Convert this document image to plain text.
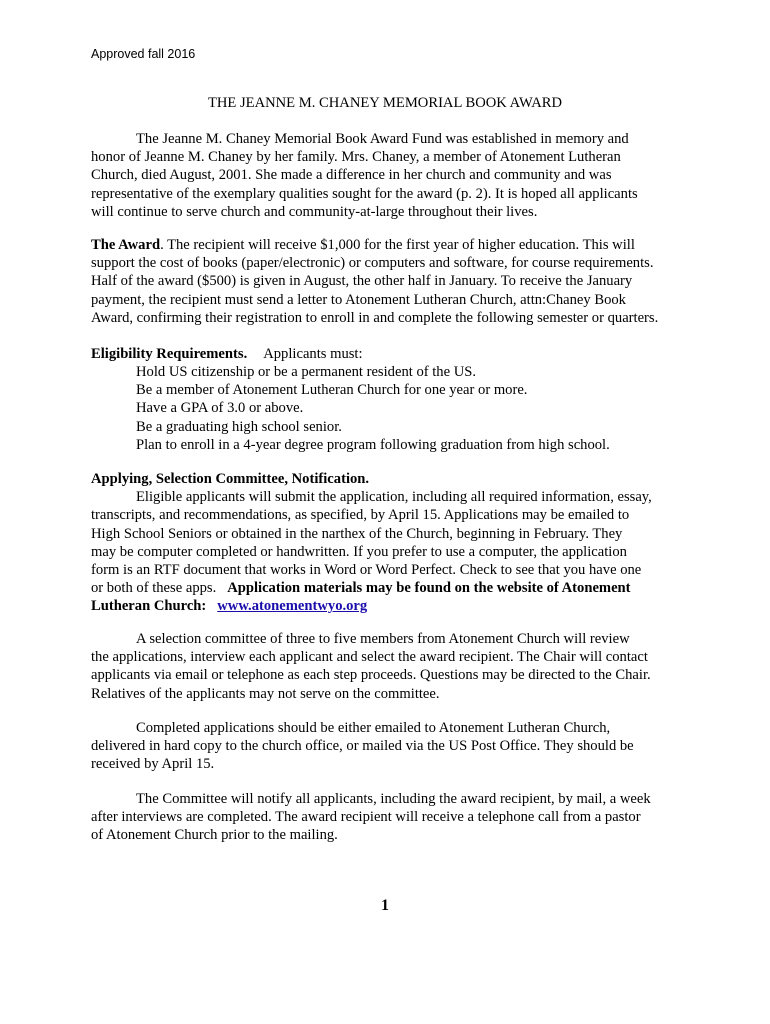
Approved fall 2016
THE JEANNE M. CHANEY MEMORIAL BOOK AWARD

The Jeanne M. Chaney Memorial Book Award Fund was established in memory and

honor of Jeanne M. Chaney by her family. Mrs. Chaney, a member of Atonement Lutheran

Church, died August, 2001. She made a difference in her church and community and was

representative of the exemplary qualities sought for the award (p. 2). It is hoped all applicants

will continue to serve church and community-at-large throughout their lives.

The Award. The recipient will receive $1,000 for the first year of higher education. This will

support the cost of books (paper/electronic) or computers and software, for course requirements.

Half of the award ($500) is given in August, the other half in January. To receive the January

payment, the recipient must send a letter to Atonement Lutheran Church, attn:Chaney Book

Award, confirming their registration to enroll in and complete the following semester or quarters.

Eligibility Requirements. Applicants must:

Hold US citizenship or be a permanent resident of the US.
Be a member of Atonement Lutheran Church for one year or more.
Have a GPA of 3.0 or above.
Be a graduating high school senior.
Plan to enroll in a 4-year degree program following graduation from high school.

Applying, Selection Committee, Notification.

Eligible applicants will submit the application, including all required information, essay,

transcripts, and recommendations, as specified, by April 15. Applications may be emailed to

High School Seniors or obtained in the narthex of the Church, beginning in February. They

may be computer completed or handwritten. If you prefer to use a computer, the application

form is an RTF document that works in Word or Word Perfect. Check to see that you have one

or both of these apps.   Application materials may be found on the website of Atonement

Lutheran Church:   www.atonementwyo.org

A selection committee of three to five members from Atonement Church will review

the applications, interview each applicant and select the award recipient. The Chair will contact

applicants via email or telephone as each step proceeds. Questions may be directed to the Chair.

Relatives of the applicants may not serve on the committee.

Completed applications should be either emailed to Atonement Lutheran Church,

delivered in hard copy to the church office, or mailed via the US Post Office. They should be

received by April 15.

The Committee will notify all applicants, including the award recipient, by mail, a week

after interviews are completed. The award recipient will receive a telephone call from a pastor

of Atonement Church prior to the mailing.

1
